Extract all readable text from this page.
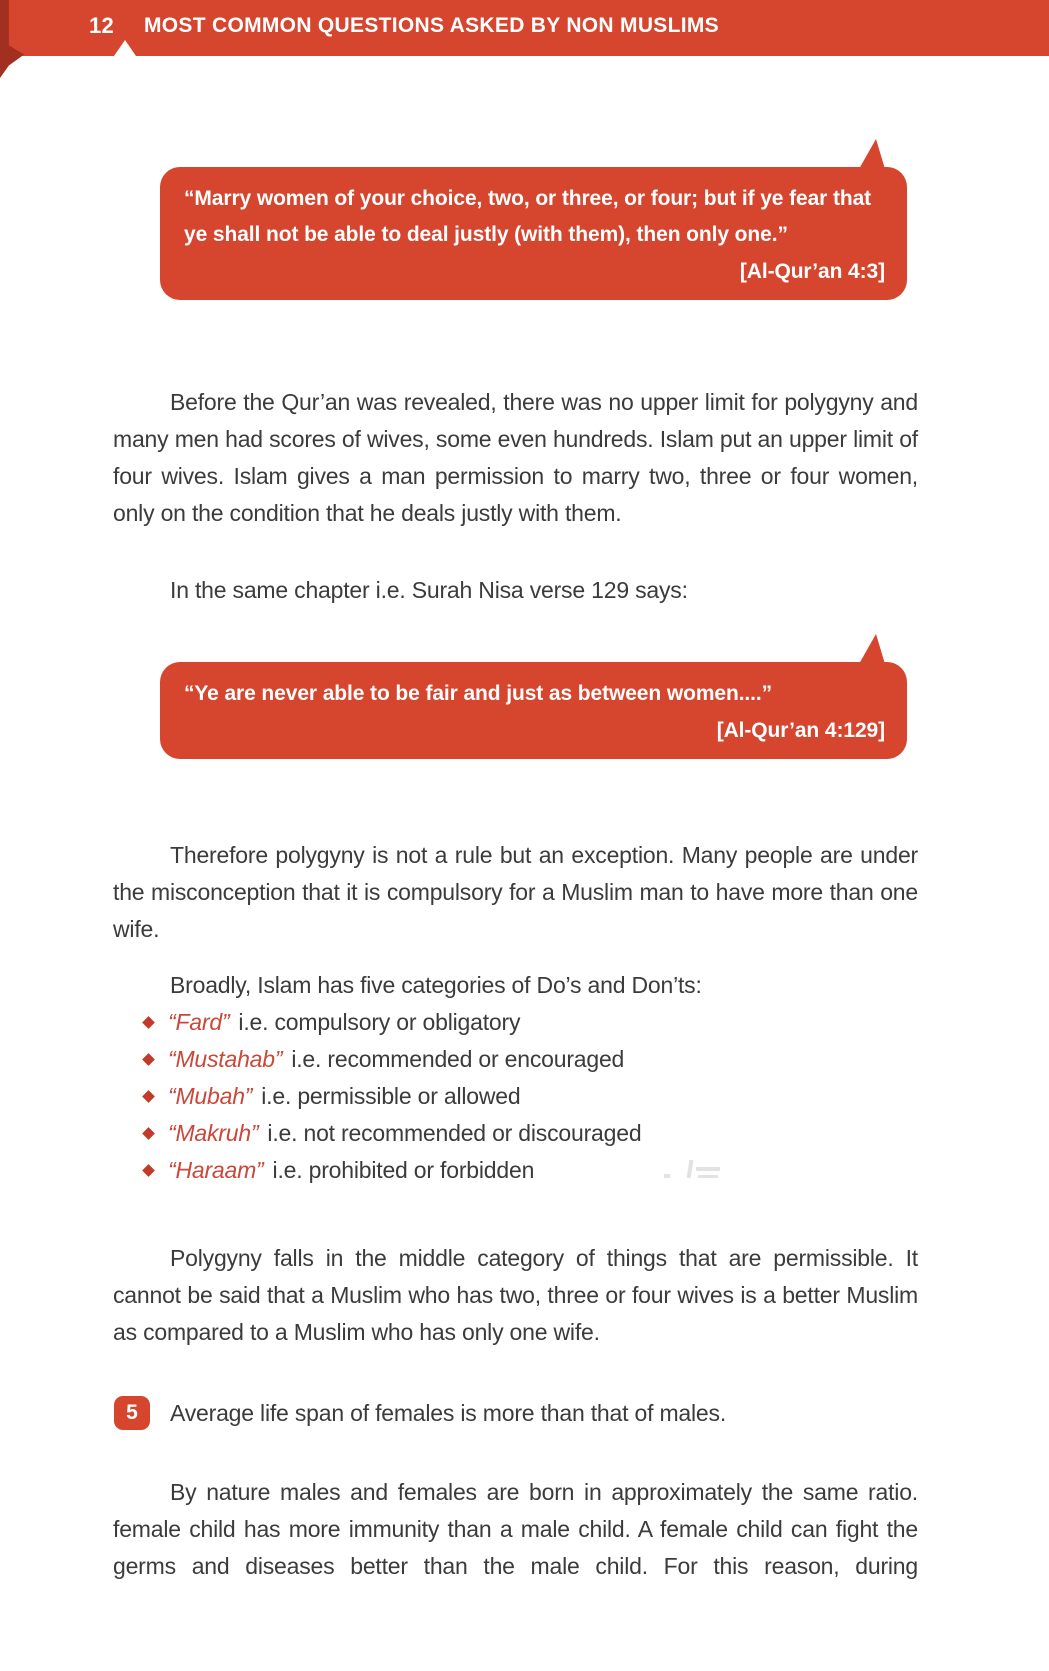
12 MOST COMMON QUESTIONS ASKED BY NON MUSLIMS
“Marry women of your choice, two, or three, or four; but if ye fear that ye shall not be able to deal justly (with them), then only one.”
[Al-Qur’an 4:3]

Before the Qur’an was revealed, there was no upper limit for polygyny and many men had scores of wives, some even hundreds. Islam put an upper limit of four wives. Islam gives a man permission to marry two, three or four women, only on the condition that he deals justly with them.

In the same chapter i.e. Surah Nisa verse 129 says:

“Ye are never able to be fair and just as between women....”
[Al-Qur’an 4:129]

Therefore polygyny is not a rule but an exception. Many people are under the misconception that it is compulsory for a Muslim man to have more than one wife.

Broadly, Islam has five categories of Do’s and Don’ts:

“Fard” i.e. compulsory or obligatory
“Mustahab” i.e. recommended or encouraged
“Mubah” i.e. permissible or allowed
“Makruh” i.e. not recommended or discouraged
“Haraam” i.e. prohibited or forbidden

Polygyny falls in the middle category of things that are permissible. It cannot be said that a Muslim who has two, three or four wives is a better Muslim as compared to a Muslim who has only one wife.

5	Average life span of females is more than that of males.

By nature males and females are born in approximately the same ratio. female child has more immunity than a male child. A female child can fight the germs and diseases better than the male child. For this reason, during
